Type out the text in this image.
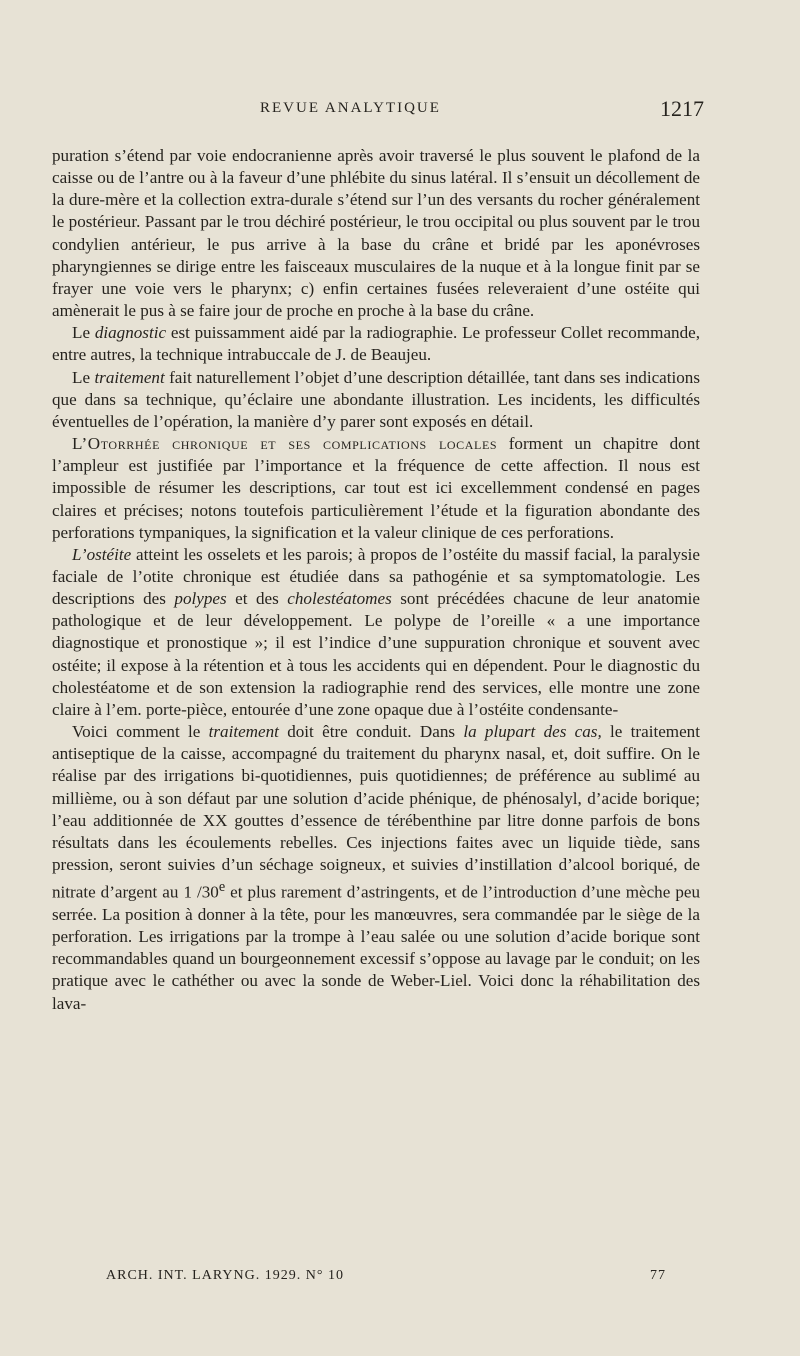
REVUE ANALYTIQUE	1217

puration s’étend par voie endocranienne après avoir traversé le plus souvent le plafond de la caisse ou de l’antre ou à la faveur d’une phlébite du sinus latéral. Il s’ensuit un décollement de la dure-mère et la collection extra-durale s’étend sur l’un des versants du rocher généralement le postérieur. Passant par le trou déchiré postérieur, le trou occipital ou plus souvent par le trou condylien antérieur, le pus arrive à la base du crâne et bridé par les aponévroses pharyngiennes se dirige entre les faisceaux musculaires de la nuque et à la longue finit par se frayer une voie vers le pharynx; c) enfin certaines fusées releveraient d’une ostéite qui amènerait le pus à se faire jour de proche en proche à la base du crâne.

Le diagnostic est puissamment aidé par la radiographie. Le professeur Collet recommande, entre autres, la technique intrabuccale de J. de Beaujeu.

Le traitement fait naturellement l’objet d’une description détaillée, tant dans ses indications que dans sa technique, qu’éclaire une abondante illustration. Les incidents, les difficultés éventuelles de l’opération, la manière d’y parer sont exposés en détail.

L’Otorrhée chronique et ses complications locales forment un chapitre dont l’ampleur est justifiée par l’importance et la fréquence de cette affection. Il nous est impossible de résumer les descriptions, car tout est ici excellemment condensé en pages claires et précises; notons toutefois particulièrement l’étude et la figuration abondante des perforations tympaniques, la signification et la valeur clinique de ces perforations.

L’ostéite atteint les osselets et les parois; à propos de l’ostéite du massif facial, la paralysie faciale de l’otite chronique est étudiée dans sa pathogénie et sa symptomatologie. Les descriptions des polypes et des cholestéatomes sont précédées chacune de leur anatomie pathologique et de leur développement. Le polype de l’oreille « a une importance diagnostique et pronostique »; il est l’indice d’une suppuration chronique et souvent avec ostéite; il expose à la rétention et à tous les accidents qui en dépendent. Pour le diagnostic du cholestéatome et de son extension la radiographie rend des services, elle montre une zone claire à l’em. porte-pièce, entourée d’une zone opaque due à l’ostéite condensante-

Voici comment le traitement doit être conduit. Dans la plupart des cas, le traitement antiseptique de la caisse, accompagné du traitement du pharynx nasal, et, doit suffire. On le réalise par des irrigations bi-quotidiennes, puis quotidiennes; de préférence au sublimé au millième, ou à son défaut par une solution d’acide phénique, de phénosalyl, d’acide borique; l’eau additionnée de XX gouttes d’essence de térébenthine par litre donne parfois de bons résultats dans les écoulements rebelles. Ces injections faites avec un liquide tiède, sans pression, seront suivies d’un séchage soigneux, et suivies d’instillation d’alcool boriqué, de nitrate d’argent au 1 /30e et plus rarement d’astringents, et de l’introduction d’une mèche peu serrée. La position à donner à la tête, pour les manœuvres, sera commandée par le siège de la perforation. Les irrigations par la trompe à l’eau salée ou une solution d’acide borique sont recommandables quand un bourgeonnement excessif s’oppose au lavage par le conduit; on les pratique avec le cathéther ou avec la sonde de Weber-Liel. Voici donc la réhabilitation des lava-

ARCH. INT. LARYNG. 1929. N° 10	77
